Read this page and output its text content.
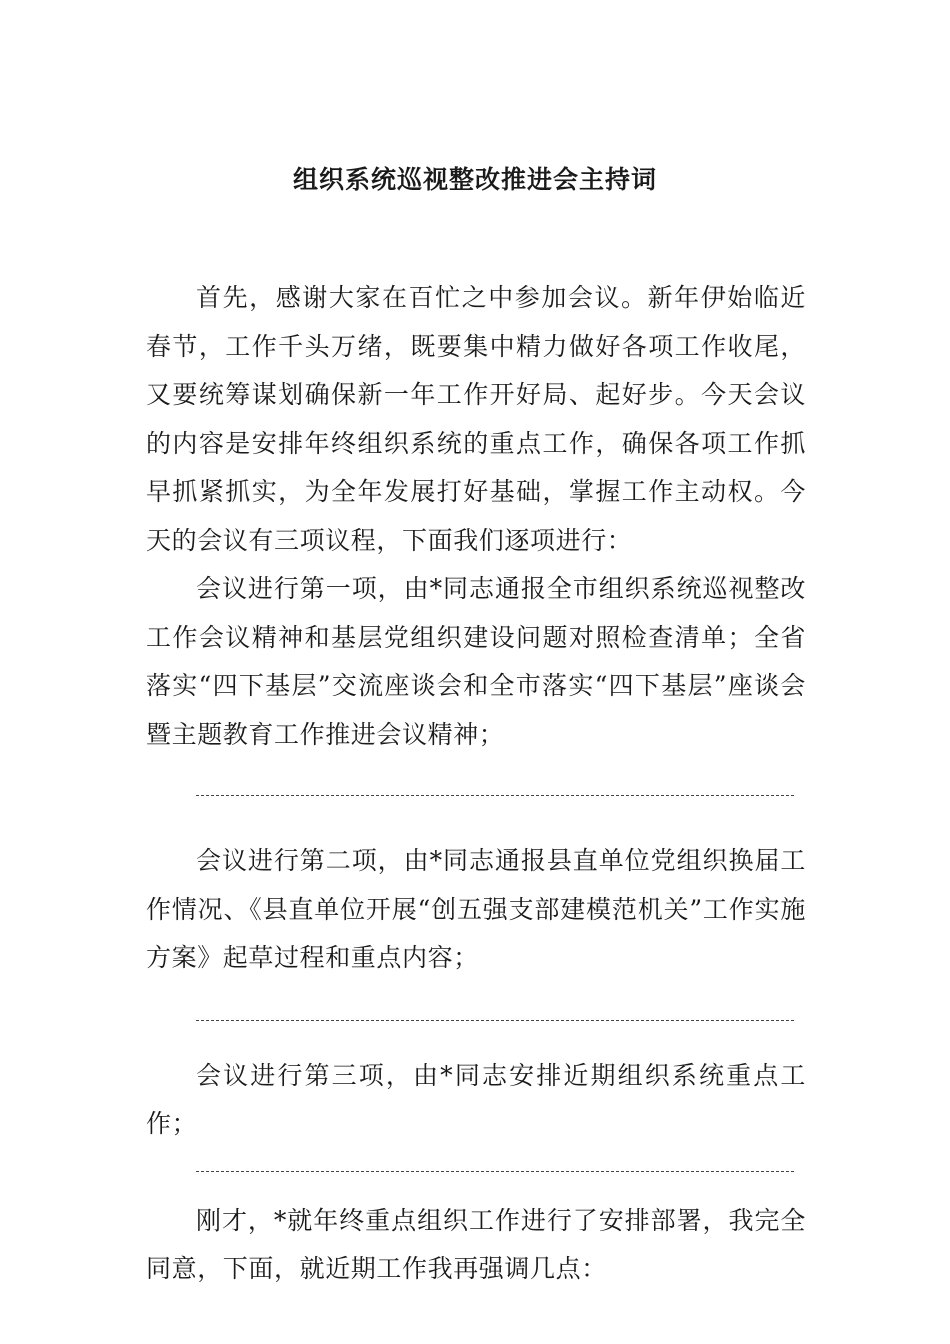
组织系统巡视整改推进会主持词

首先，感谢大家在百忙之中参加会议。新年伊始临近春节，工作千头万绪，既要集中精力做好各项工作收尾，又要统筹谋划确保新一年工作开好局、起好步。今天会议的内容是安排年终组织系统的重点工作，确保各项工作抓早抓紧抓实，为全年发展打好基础，掌握工作主动权。今天的会议有三项议程，下面我们逐项进行：

会议进行第一项，由*同志通报全市组织系统巡视整改工作会议精神和基层党组织建设问题对照检查清单；全省落实“四下基层”交流座谈会和全市落实“四下基层”座谈会暨主题教育工作推进会议精神；

会议进行第二项，由*同志通报县直单位党组织换届工作情况、《县直单位开展“创五强支部建模范机关”工作实施方案》起草过程和重点内容；

会议进行第三项，由*同志安排近期组织系统重点工作；

刚才，*就年终重点组织工作进行了安排部署，我完全同意，下面，就近期工作我再强调几点：
